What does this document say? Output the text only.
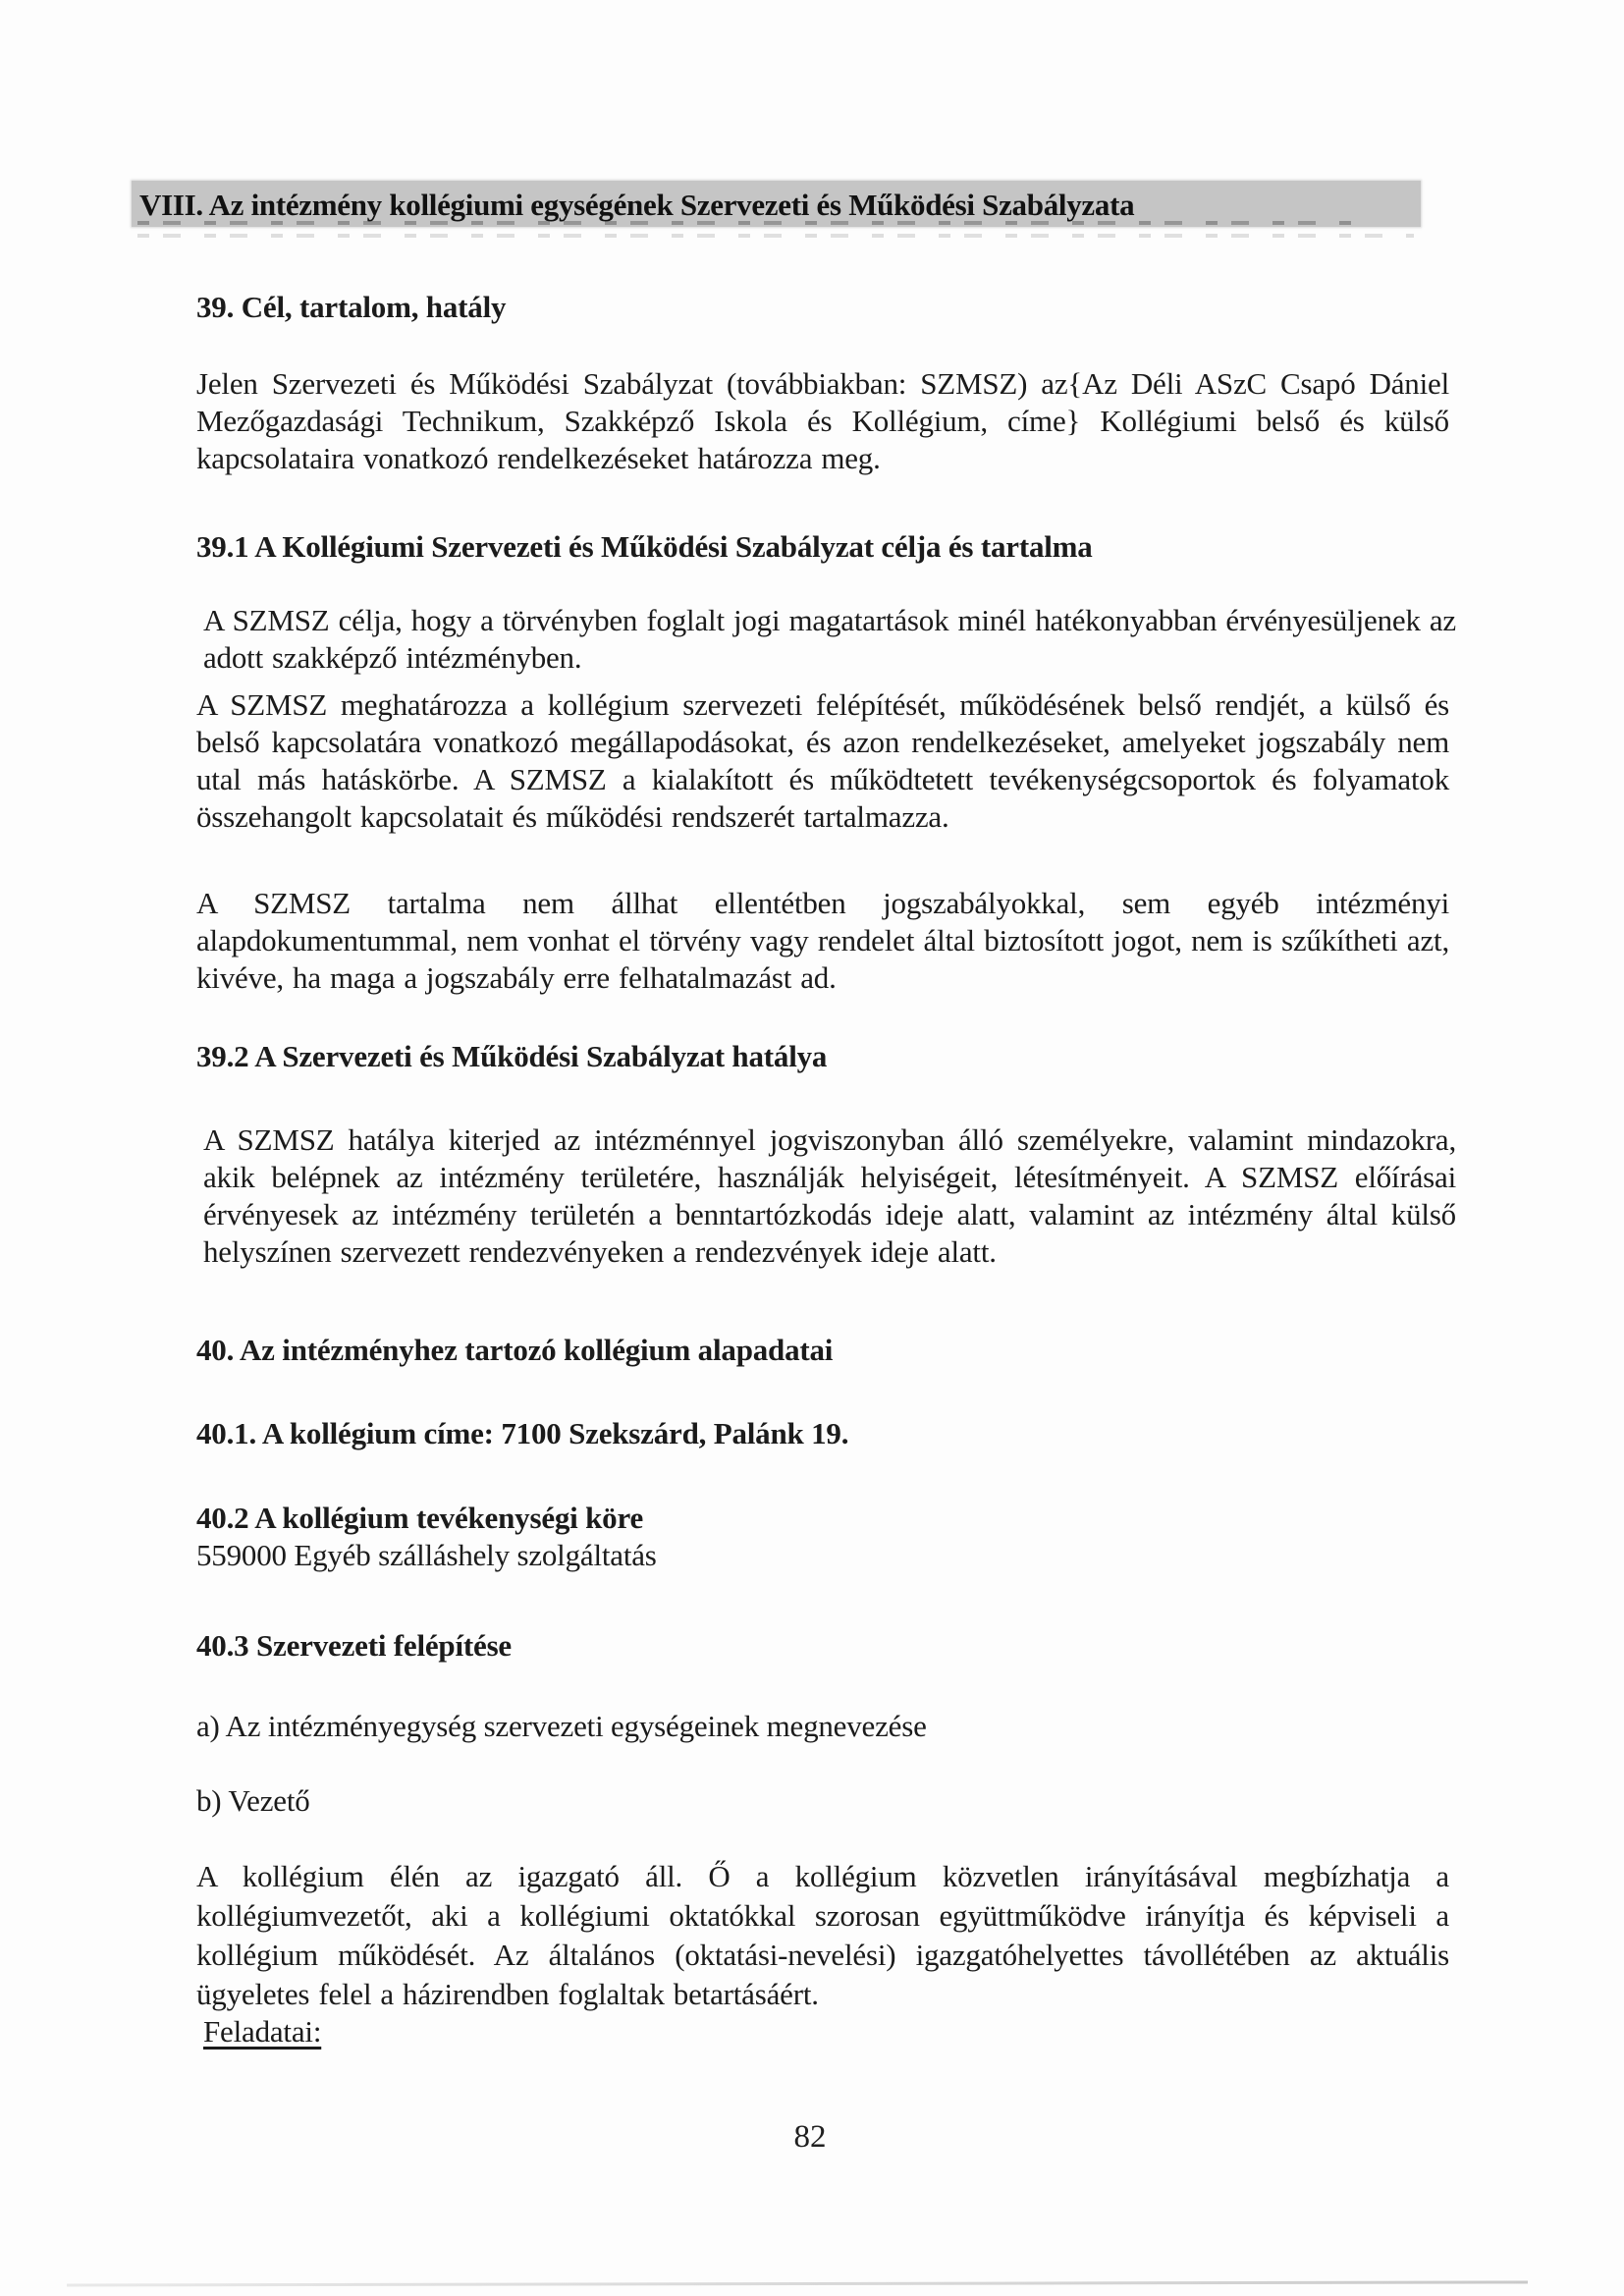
VIII. Az intézmény kollégiumi egységének Szervezeti és Működési Szabályzata
39. Cél, tartalom, hatály
Jelen Szervezeti és Működési Szabályzat (továbbiakban: SZMSZ) az{Az Déli ASzC Csapó Dániel Mezőgazdasági Technikum, Szakképző Iskola és Kollégium, címe} Kollégiumi belső és külső kapcsolataira vonatkozó rendelkezéseket határozza meg.
39.1 A Kollégiumi Szervezeti és Működési Szabályzat célja és tartalma
A SZMSZ célja, hogy a törvényben foglalt jogi magatartások minél hatékonyabban érvényesüljenek az adott szakképző intézményben.
A SZMSZ meghatározza a kollégium szervezeti felépítését, működésének belső rendjét, a külső és belső kapcsolatára vonatkozó megállapodásokat, és azon rendelkezéseket, amelyeket jogszabály nem utal más hatáskörbe. A SZMSZ a kialakított és működtetett tevékenységcsoportok és folyamatok összehangolt kapcsolatait és működési rendszerét tartalmazza.
A SZMSZ tartalma nem állhat ellentétben jogszabályokkal, sem egyéb intézményi alapdokumentummal, nem vonhat el törvény vagy rendelet által biztosított jogot, nem is szűkítheti azt, kivéve, ha maga a jogszabály erre felhatalmazást ad.
39.2 A Szervezeti és Működési Szabályzat hatálya
A SZMSZ hatálya kiterjed az intézménnyel jogviszonyban álló személyekre, valamint mindazokra, akik belépnek az intézmény területére, használják helyiségeit, létesítményeit. A SZMSZ előírásai érvényesek az intézmény területén a benntartózkodás ideje alatt, valamint az intézmény által külső helyszínen szervezett rendezvényeken a rendezvények ideje alatt.
40. Az intézményhez tartozó kollégium alapadatai
40.1. A kollégium címe: 7100 Szekszárd, Palánk 19.
40.2 A kollégium tevékenységi köre
559000 Egyéb szálláshely szolgáltatás
40.3 Szervezeti felépítése
a) Az intézményegység szervezeti egységeinek megnevezése
b) Vezető
A kollégium élén az igazgató áll. Ő a kollégium közvetlen irányításával megbízhatja a kollégiumvezetőt, aki a kollégiumi oktatókkal szorosan együttműködve irányítja és képviseli a kollégium működését. Az általános (oktatási-nevelési) igazgatóhelyettes távollétében az aktuális ügyeletes felel a házirendben foglaltak betartásáért.
Feladatai:
82
